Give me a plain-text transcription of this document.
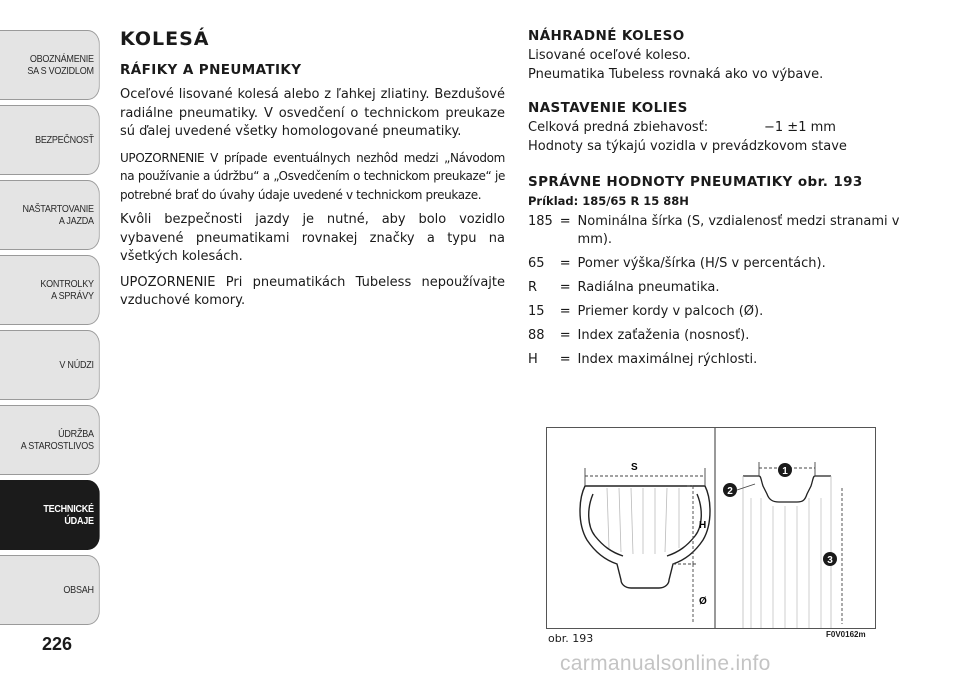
OBOZNÁMENIE
SA S VOZIDLOM
BEZPEČNOSŤ
NAŠTARTOVANIE
A JAZDA
KONTROLKY
A SPRÁVY
V NÚDZI
ÚDRŽBA
A STAROSTLIVOS
TECHNICKÉ
ÚDAJE
OBSAH
226
KOLESÁ
RÁFIKY A PNEUMATIKY

Oceľové lisované kolesá alebo z ľahkej zliatiny. Bezdušové radiálne pneumatiky. V osvedčení o technickom preukaze sú ďalej uvedené všetky homologované pneumatiky.

UPOZORNENIE V prípade eventuálnych nezhôd medzi „Návodom na používanie a údržbu“ a „Osvedčením o technickom preukaze“ je potrebné brať do úvahy údaje uvedené v technickom preukaze.

Kvôli bezpečnosti jazdy je nutné, aby bolo vozidlo vybavené pneumatikami rovnakej značky a typu na všetkých kolesách.

UPOZORNENIE Pri pneumatikách Tubeless nepoužívajte vzduchové komory.

NÁHRADNÉ KOLESO
Lisované oceľové koleso.
Pneumatika Tubeless rovnaká ako vo výbave.
NASTAVENIE KOLIES
Celková predná zbiehavosť:	−1 ±1 mm
Hodnoty sa týkajú vozidla v prevádzkovom stave
SPRÁVNE HODNOTY PNEUMATIKY obr. 193
Príklad: 185/65 R 15 88H
185	=	Nominálna šírka (S, vzdialenosť medzi stranami v mm).
65	=	Pomer výška/šírka (H/S v percentách).
R	=	Radiálna pneumatika.
15	=	Priemer kordy v palcoch (Ø).
88	=	Index zaťaženia (nosnosť).
H	=	Index maximálnej rýchlosti.
S
H
Ø
1
2
3
obr. 193	F0V0162m
carmanualsonline.info
